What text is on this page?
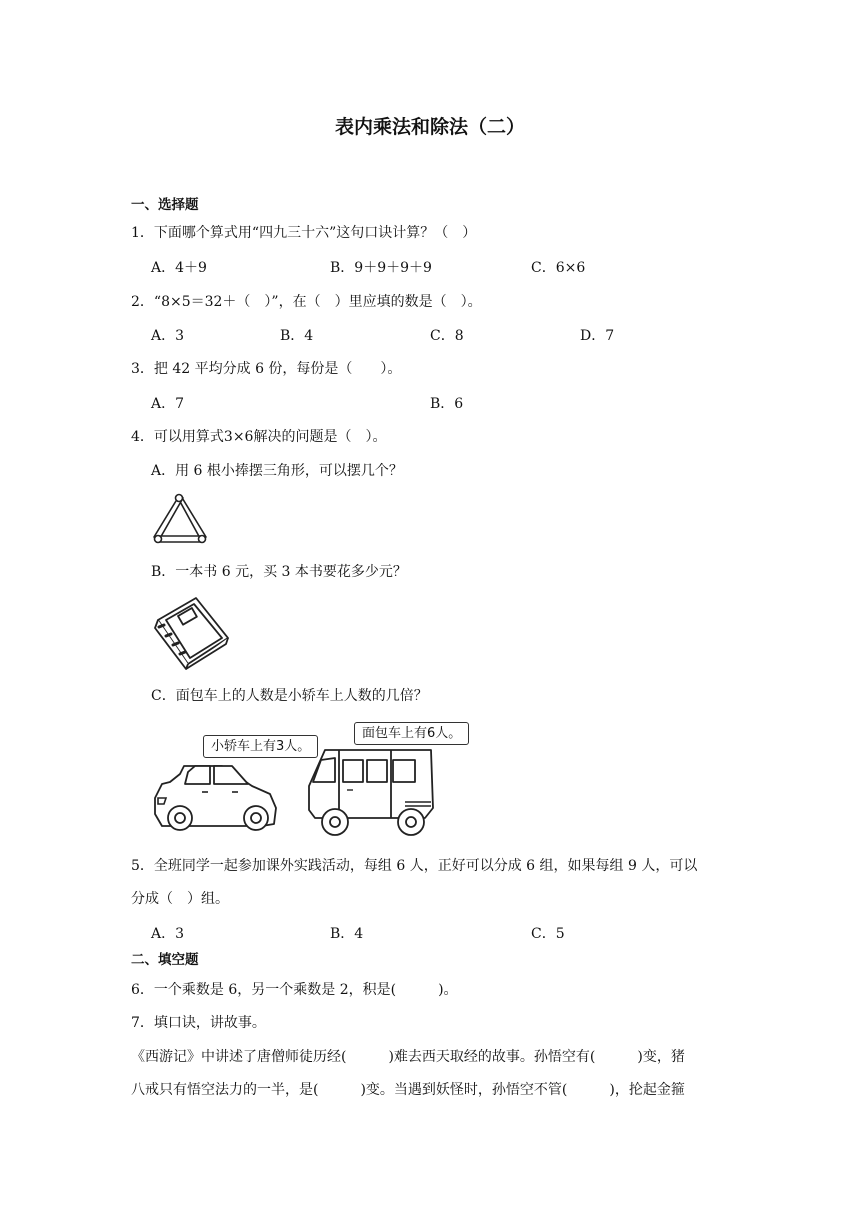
表内乘法和除法（二）
一、选择题
1．下面哪个算式用“四九三十六”这句口诀计算？（　）
A．4＋9	B．9＋9＋9＋9	C．6×6
2．“8×5＝32＋（　）”，在（　）里应填的数是（　）。
A．3	B．4	C．8	D．7
3．把 42 平均分成 6 份，每份是（　　）。
A．7	B．6
4．可以用算式3×6解决的问题是（　）。
A．用 6 根小捧摆三角形，可以摆几个？
B．一本书 6 元，买 3 本书要花多少元？
C．面包车上的人数是小轿车上人数的几倍？
小轿车上有3人。
面包车上有6人。
5．全班同学一起参加课外实践活动，每组 6 人，正好可以分成 6 组，如果每组 9 人，可以
分成（　）组。
A．3	B．4	C．5
二、填空题
6．一个乘数是 6，另一个乘数是 2，积是(　　　)。
7．填口诀，讲故事。
《西游记》中讲述了唐僧师徒历经(　　　)难去西天取经的故事。孙悟空有(　　　)变，猪
八戒只有悟空法力的一半，是(　　　)变。当遇到妖怪时，孙悟空不管(　　　)，抡起金箍
